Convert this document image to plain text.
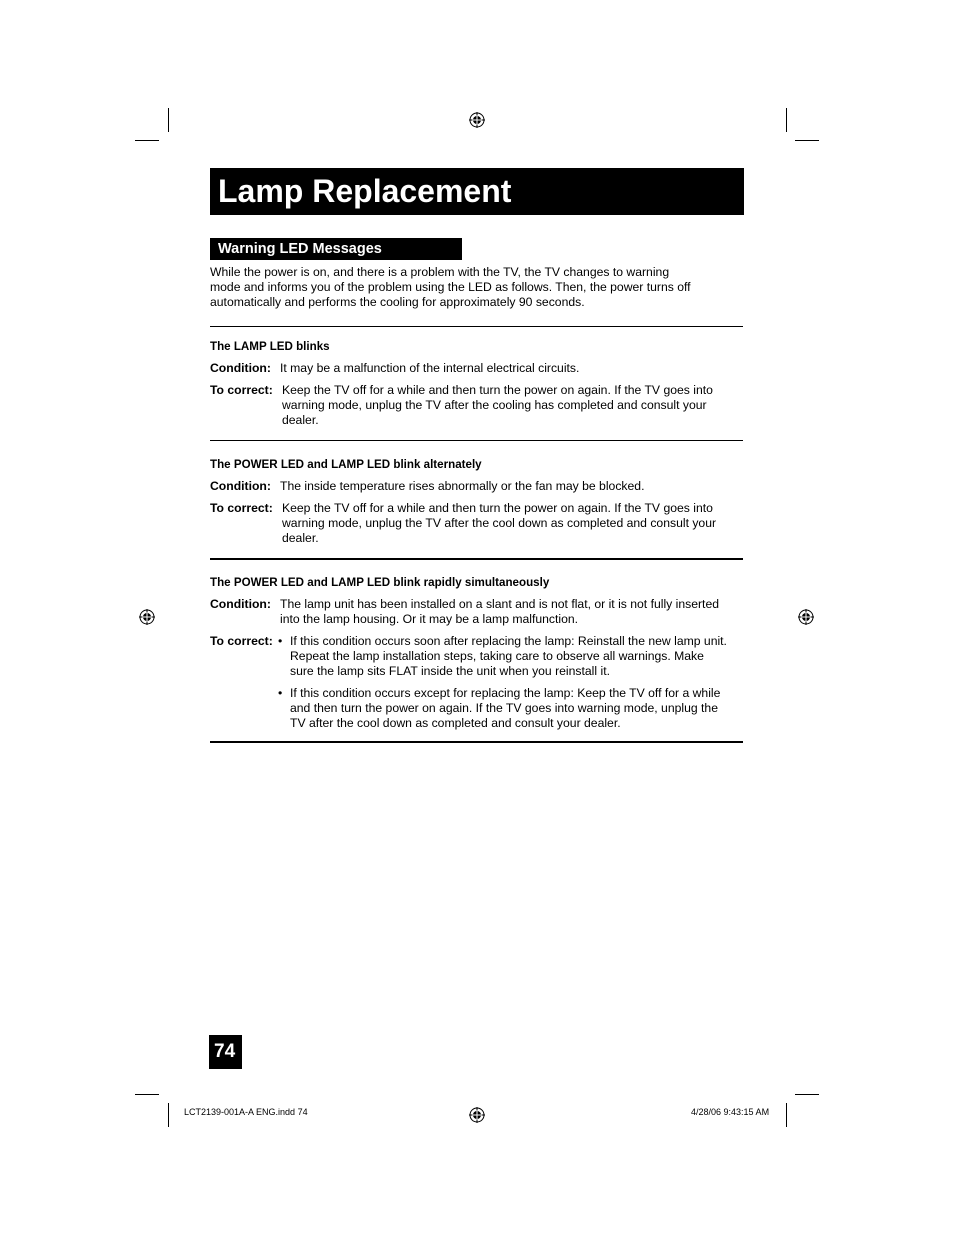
Lamp Replacement
Warning LED Messages
While the power is on, and there is a problem with the TV, the TV changes to warning
mode and informs you of the problem using the LED as follows. Then, the power turns off
automatically and performs the cooling for approximately 90 seconds.
The LAMP LED blinks
Condition: It may be a malfunction of the internal electrical circuits.
To correct: Keep the TV off for a while and then turn the power on again. If the TV goes into
warning mode, unplug the TV after the cooling has completed and consult your
dealer.
The POWER LED and LAMP LED blink alternately
Condition: The inside temperature rises abnormally or the fan may be blocked.
To correct: Keep the TV off for a while and then turn the power on again. If the TV goes into
warning mode, unplug the TV after the cool down as completed and consult your
dealer.
The POWER LED and LAMP LED blink rapidly simultaneously
Condition: The lamp unit has been installed on a slant and is not flat, or it is not fully inserted
into the lamp housing. Or it may be a lamp malfunction.
To correct: • If this condition occurs soon after replacing the lamp: Reinstall the new lamp unit.
Repeat the lamp installation steps, taking care to observe all warnings. Make
sure the lamp sits FLAT inside the unit when you reinstall it.
• If this condition occurs except for replacing the lamp: Keep the TV off for a while
and then turn the power on again. If the TV goes into warning mode, unplug the
TV after the cool down as completed and consult your dealer.
74
LCT2139-001A-A ENG.indd 74	4/28/06 9:43:15 AM
